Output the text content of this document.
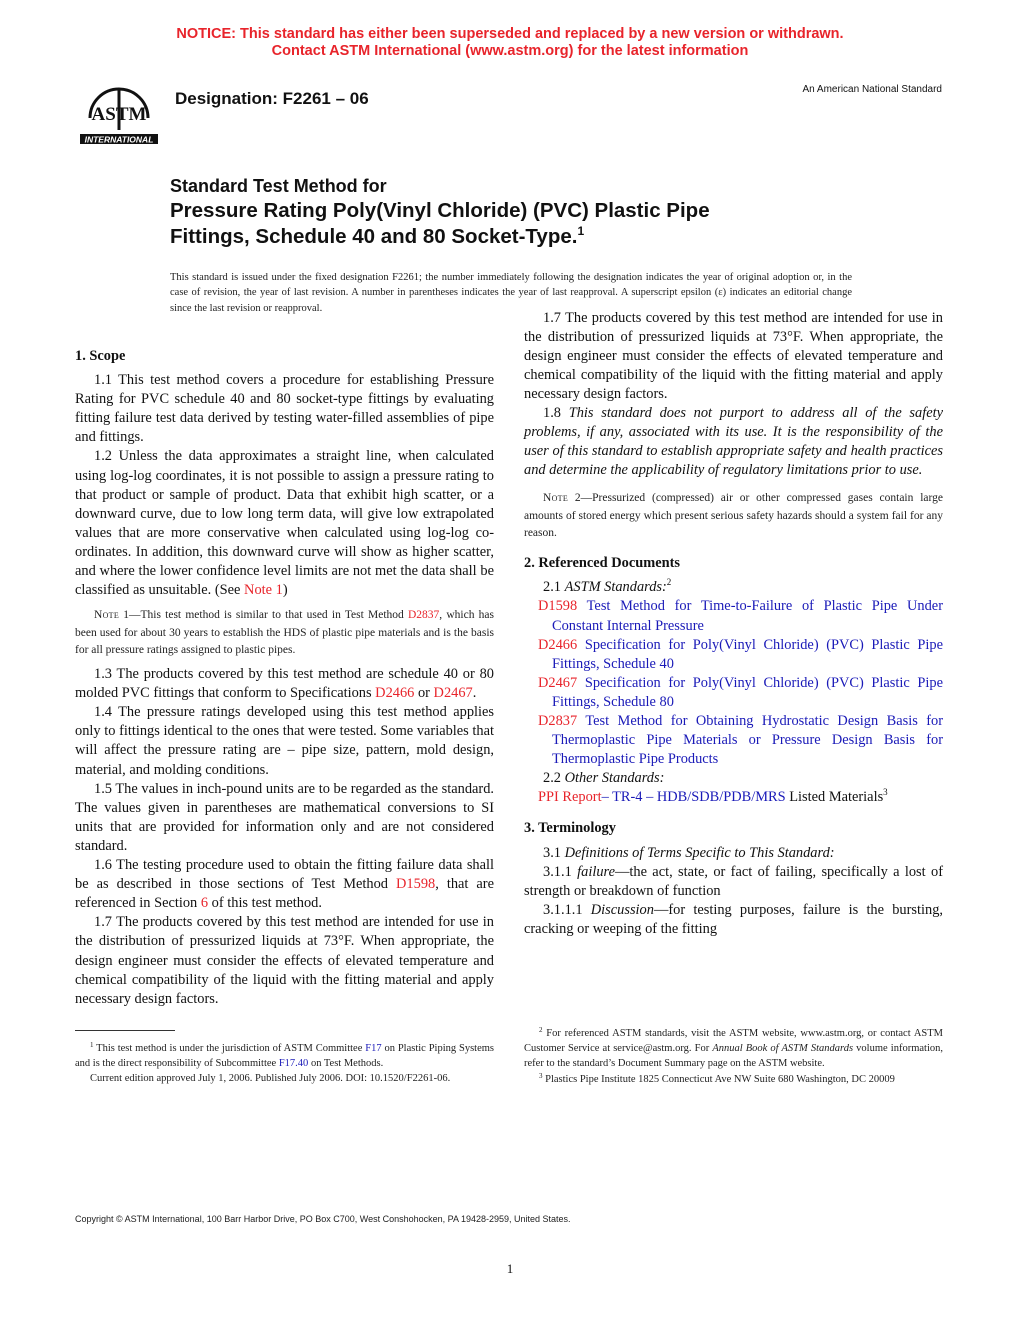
NOTICE: This standard has either been superseded and replaced by a new version or withdrawn.
Contact ASTM International (www.astm.org) for the latest information
ASTM
INTERNATIONAL
Designation: F2261 – 06	An American National Standard
Standard Test Method for
Pressure Rating Poly(Vinyl Chloride) (PVC) Plastic Pipe
Fittings, Schedule 40 and 80 Socket-Type.$^1$
This standard is issued under the fixed designation F2261; the number immediately following the designation indicates the year of original adoption or, in the case of revision, the year of last revision. A number in parentheses indicates the year of last reapproval. A superscript epsilon (ε) indicates an editorial change since the last revision or reapproval.

1. Scope

1.1 This test method covers a procedure for establishing Pressure Rating for PVC schedule 40 and 80 socket-type fittings by evaluating fitting failure test data derived by testing water-filled assemblies of pipe and fittings.

1.2 Unless the data approximates a straight line, when calculated using log-log coordinates, it is not possible to assign a pressure rating to that product or sample of product. Data that exhibit high scatter, or a downward curve, due to low long term data, will give low extrapolated values that are more conservative when calculated using log-log co-ordinates. In addition, this downward curve will show as higher scatter, and where the lower confidence level limits are not met the data shall be classified as unsuitable. (See Note 1)

Note 1—This test method is similar to that used in Test Method D2837, which has been used for about 30 years to establish the HDS of plastic pipe materials and is the basis for all pressure ratings assigned to plastic pipes.

1.3 The products covered by this test method are schedule 40 or 80 molded PVC fittings that conform to Specifications D2466 or D2467.

1.4 The pressure ratings developed using this test method applies only to fittings identical to the ones that were tested. Some variables that will affect the pressure rating are – pipe size, pattern, mold design, material, and molding conditions.

1.5 The values in inch-pound units are to be regarded as the standard. The values given in parentheses are mathematical conversions to SI units that are provided for information only and are not considered standard.

1.6 The testing procedure used to obtain the fitting failure data shall be as described in those sections of Test Method D1598, that are referenced in Section 6 of this test method.

1.7 The products covered by this test method are intended for use in the distribution of pressurized liquids at 73°F. When appropriate, the design engineer must consider the effects of elevated temperature and chemical compatibility of the liquid with the fitting material and apply necessary design factors.

1.7 The products covered by this test method are intended for use in the distribution of pressurized liquids at 73°F. When appropriate, the design engineer must consider the effects of elevated temperature and chemical compatibility of the liquid with the fitting material and apply necessary design factors.

1.8 This standard does not purport to address all of the safety problems, if any, associated with its use. It is the responsibility of the user of this standard to establish appropriate safety and health practices and determine the applicability of regulatory limitations prior to use.

Note 2—Pressurized (compressed) air or other compressed gases contain large amounts of stored energy which present serious safety hazards should a system fail for any reason.

2. Referenced Documents

2.1 ASTM Standards:$^2$

D1598 Test Method for Time-to-Failure of Plastic Pipe Under Constant Internal Pressure

D2466 Specification for Poly(Vinyl Chloride) (PVC) Plastic Pipe Fittings, Schedule 40

D2467 Specification for Poly(Vinyl Chloride) (PVC) Plastic Pipe Fittings, Schedule 80

D2837 Test Method for Obtaining Hydrostatic Design Basis for Thermoplastic Pipe Materials or Pressure Design Basis for Thermoplastic Pipe Products

2.2 Other Standards:

PPI Report– TR-4 – HDB/SDB/PDB/MRS Listed Materials$^3$

3. Terminology

3.1 Definitions of Terms Specific to This Standard:

3.1.1 failure—the act, state, or fact of failing, specifically a lost of strength or breakdown of function

3.1.1.1 Discussion—for testing purposes, failure is the bursting, cracking or weeping of the fitting

$^1$ This test method is under the jurisdiction of ASTM Committee F17 on Plastic Piping Systems and is the direct responsibility of Subcommittee F17.40 on Test Methods.

Current edition approved July 1, 2006. Published July 2006. DOI: 10.1520/F2261-06.

$^2$ For referenced ASTM standards, visit the ASTM website, www.astm.org, or contact ASTM Customer Service at service@astm.org. For Annual Book of ASTM Standards volume information, refer to the standard’s Document Summary page on the ASTM website.

$^3$ Plastics Pipe Institute 1825 Connecticut Ave NW Suite 680 Washington, DC 20009

Copyright © ASTM International, 100 Barr Harbor Drive, PO Box C700, West Conshohocken, PA 19428-2959, United States.
1
